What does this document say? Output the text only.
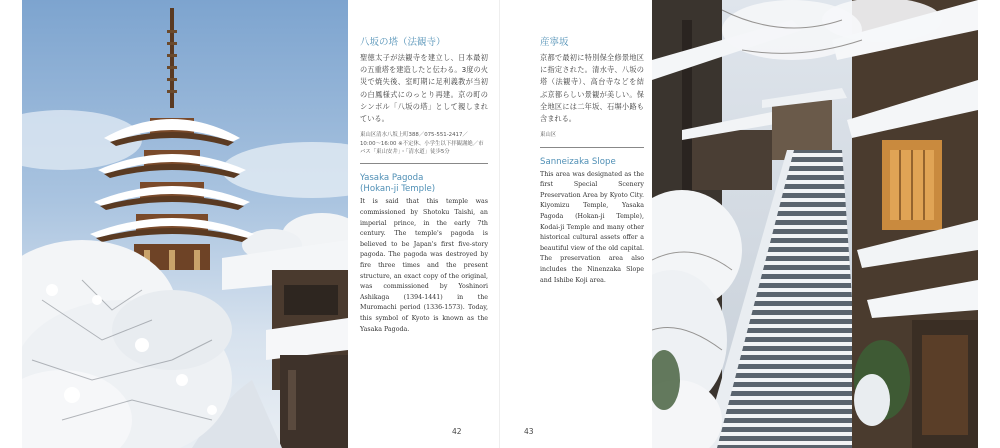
八坂の塔（法観寺）

聖徳太子が法観寺を建立し、日本最初の五重塔を建造したと伝わる。3度の火災で焼失後、室町期に足利義教が当初の白鳳様式にのっとり再建。京の町のシンボル「八坂の塔」として親しまれている。

東山区清水八坂上町388／075-551-2417／10:00〜16:00 ※不定休、小学生以下拝観謝絶／市バス「東山安井」・「清水道」徒歩5分

Yasaka Pagoda
(Hokan-ji Temple)

It is said that this temple was commissioned by Shotoku Taishi, an imperial prince, in the early 7th century. The temple's pagoda is believed to be Japan's first five-story pagoda. The pagoda was destroyed by fire three times and the present structure, an exact copy of the original, was commissioned by Yoshinori Ashikaga (1394-1441) in the Muromachi period (1336-1573). Today, this symbol of Kyoto is known as the Yasaka Pagoda.

42

産寧坂

京都で最初に特別保全修景地区に指定された。清水寺、八坂の塔（法観寺）、高台寺などを結ぶ京都らしい景観が美しい。保全地区には二年坂、石塀小路も含まれる。

東山区

Sanneizaka Slope

This area was designated as the first Special Scenery Preservation Area by Kyoto City. Kiyomizu Temple, Yasaka Pagoda (Hokan-ji Temple), Kodai-ji Temple and many other historical cultural assets offer a beautiful view of the old capital. The preservation area also includes the Ninenzaka Slope and Ishibe Koji area.

43
